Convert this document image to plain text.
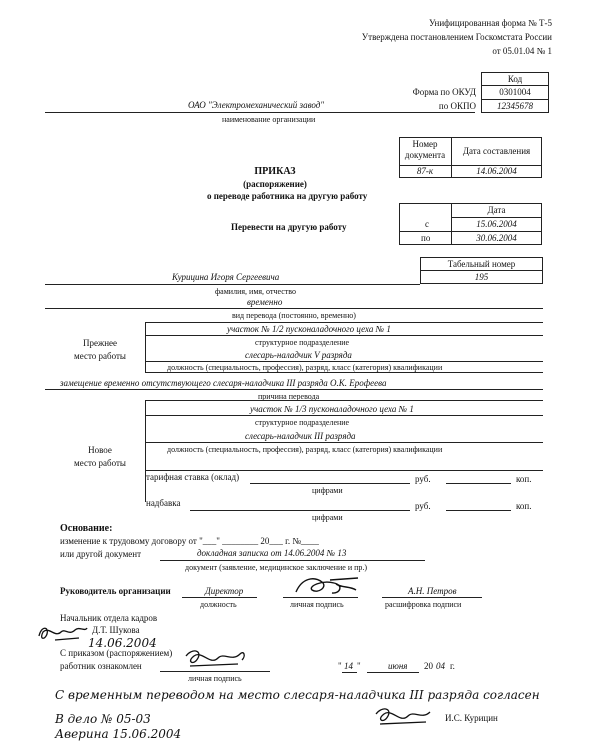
Унифицированная форма № Т-5
Утверждена постановлением Госкомстата России
от 05.01.04 № 1
Код
Форма по ОКУД	0301004
по ОКПО	12345678
ОАО "Электромеханический завод"
наименование организации
Номер документа	Дата составления
87-к	14.06.2004
ПРИКАЗ
(распоряжение)
о переводе работника на другую работу
Перевести на другую работу
Дата
с	15.06.2004
по	30.06.2004
Табельный номер
195
Курицина Игоря Сергеевича
фамилия, имя, отчество
временно
вид перевода (постоянно, временно)
Прежнее
место работы
участок № 1/2 пусконаладочного цеха № 1
структурное подразделение
слесарь-наладчик V разряда
должность (специальность, профессия), разряд, класс (категория) квалификации
замещение временно отсутствующего слесаря-наладчика III разряда О.К. Ерофеева
причина перевода
Новое
место работы
участок № 1/3 пусконаладочного цеха № 1
структурное подразделение
слесарь-наладчик III разряда
должность (специальность, профессия), разряд, класс (категория) квалификации
тарифная ставка (оклад)	руб.	коп.
цифрами
надбавка	руб.	коп.
цифрами
Основание:
изменение к трудовому договору от "___" ________ 20___ г. №____
или другой документ	докладная записка от 14.06.2004 № 13
документ (заявление, медицинское заключение и пр.)
Руководитель организации	Директор
должность	личная подпись
А.Н. Петров
расшифровка подписи
Начальник отдела кадров
Д.Т. Шукова
14.06.2004
С приказом (распоряжением)
работник ознакомлен
личная подпись
" 14 "	июня 20 04 г.
С временным переводом на место слесаря-наладчика III разряда согласен
В дело № 05-03
Аверина 15.06.2004
И.С. Курицин
